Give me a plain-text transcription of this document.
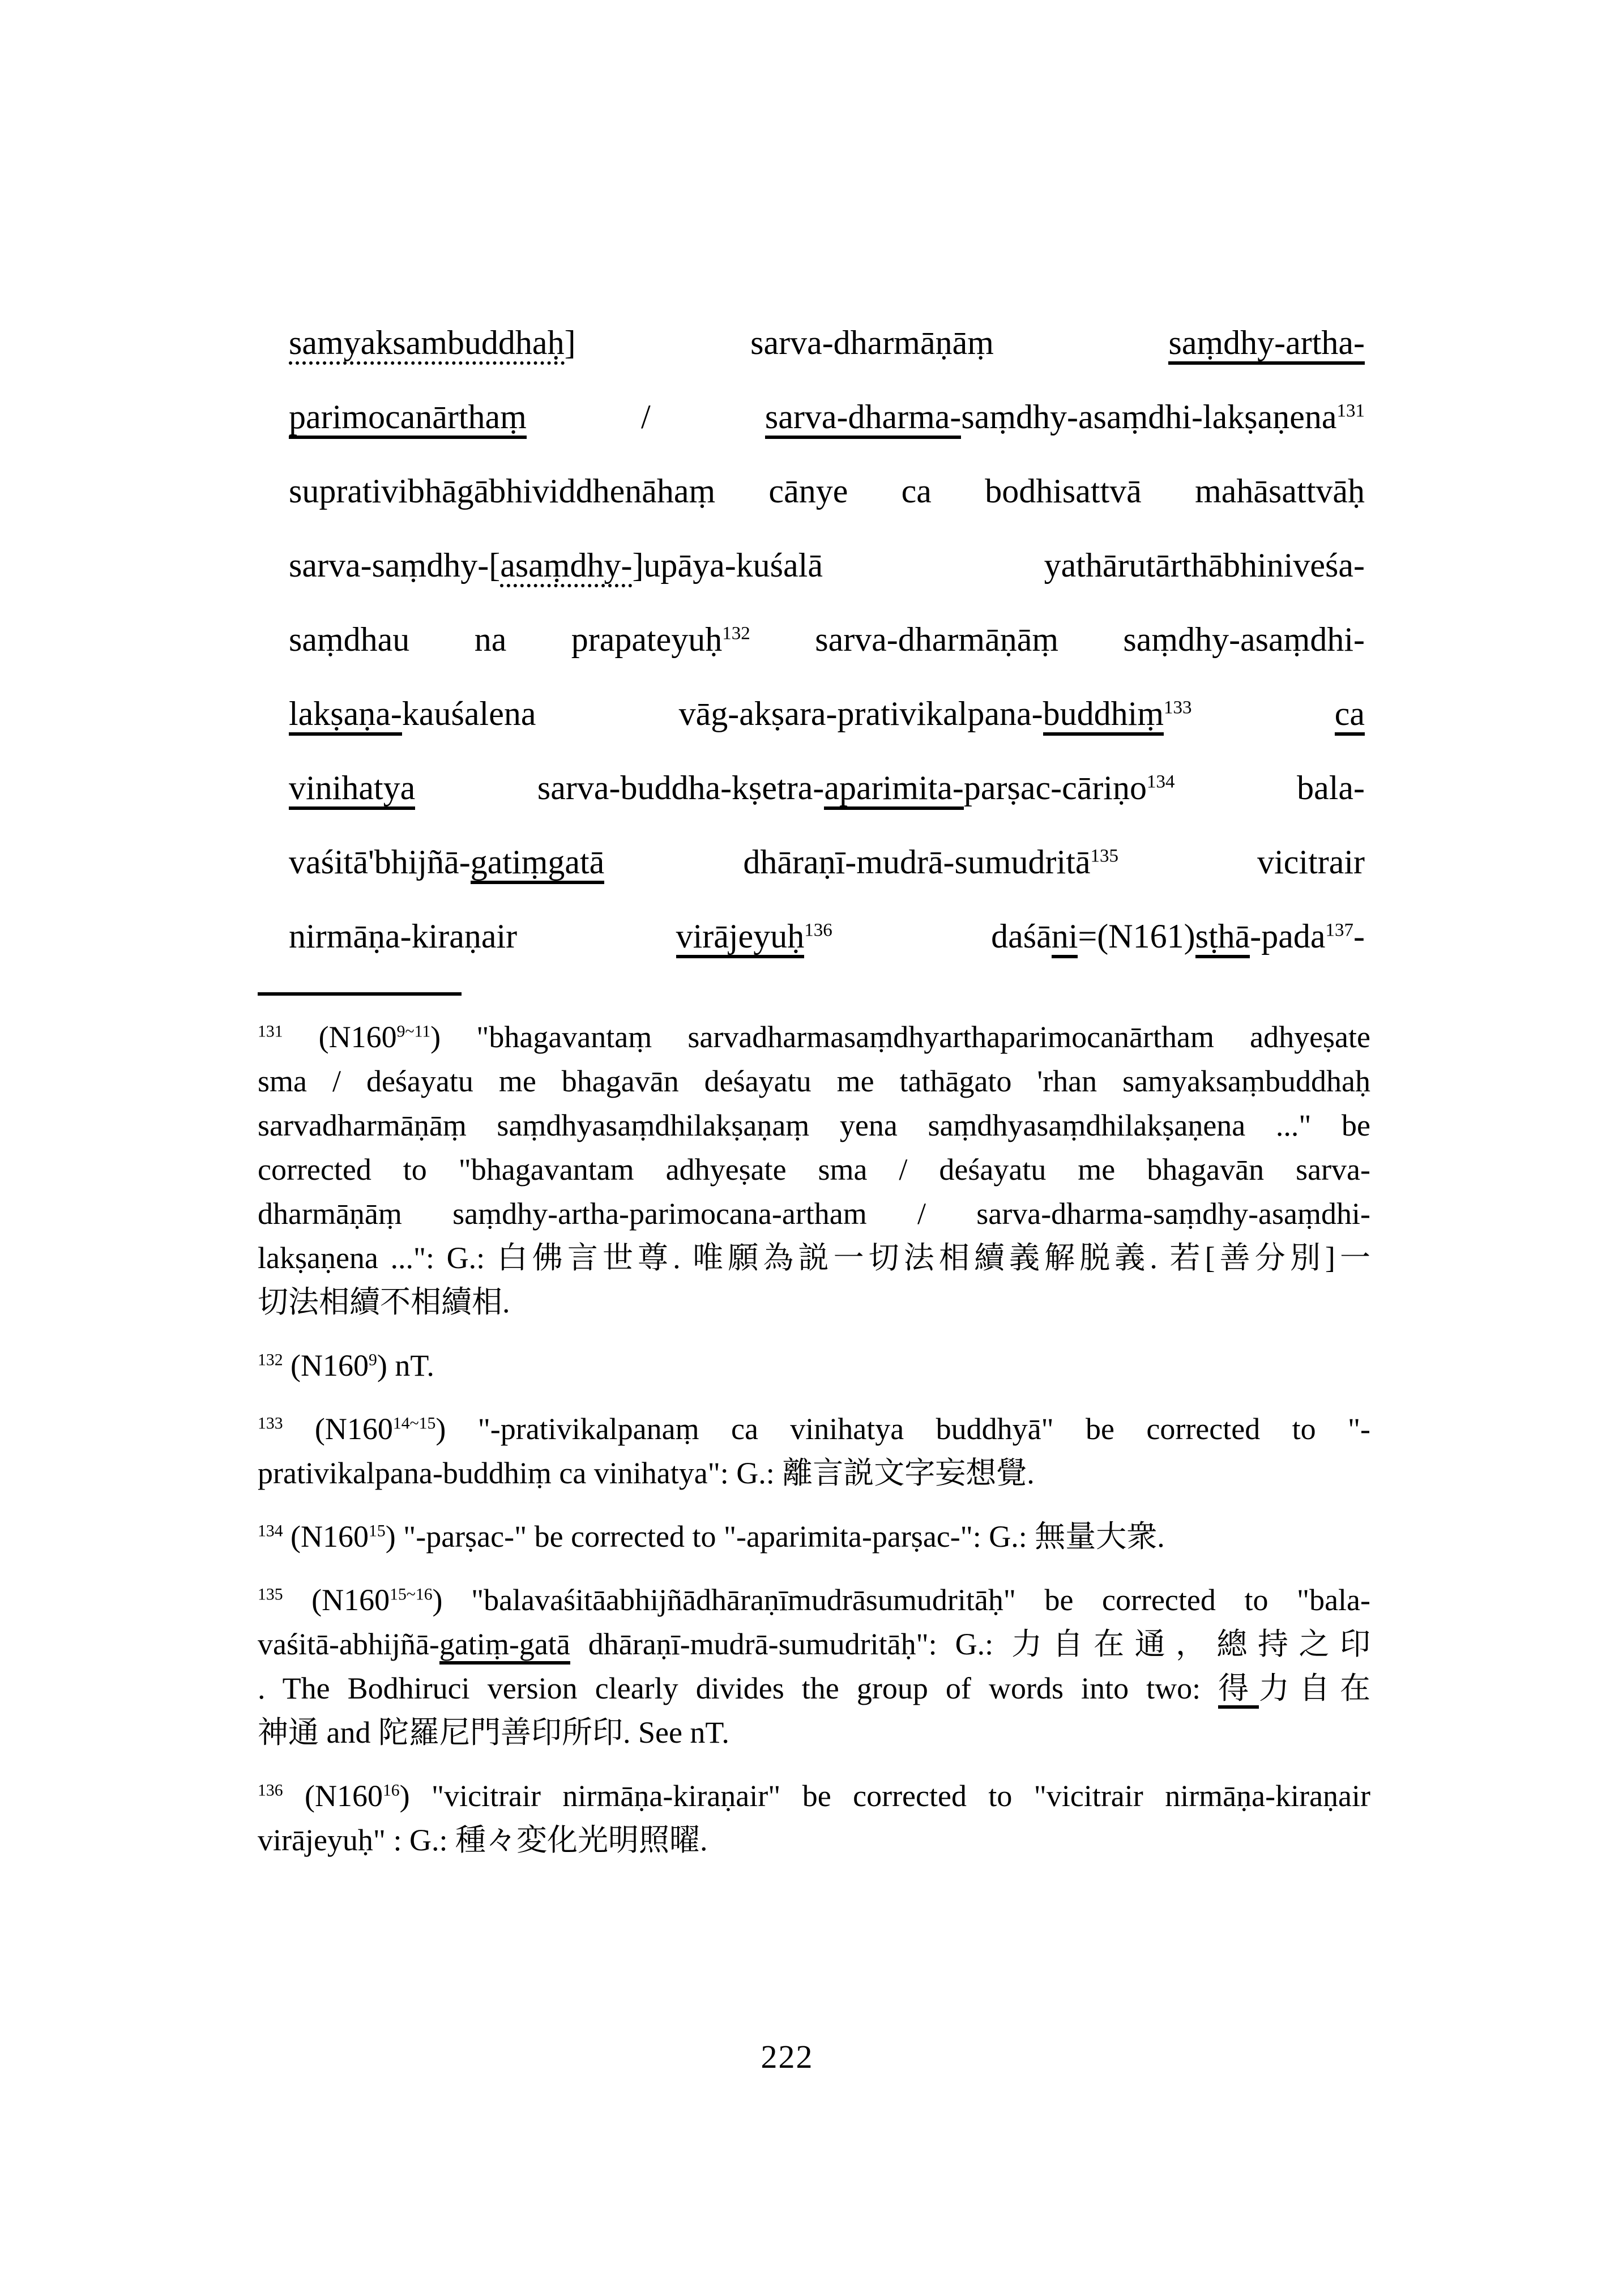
samyaksambuddhaḥ] sarva-dharmāṇāṃ saṃdhy-artha-
parimocanārthaṃ / sarva-dharma-saṃdhy-asaṃdhi-lakṣaṇena$^{131}$
suprativibhāgābhividdhenāhaṃ cānye ca bodhisattvā mahāsattvāḥ
sarva-saṃdhy-[asaṃdhy-]upāya-kuśalā yathārutārthābhiniveśa-
saṃdhau na prapateyuḥ$^{132}$ sarva-dharmāṇāṃ saṃdhy-asaṃdhi-
lakṣaṇa-kauśalena vāg-akṣara-prativikalpana-buddhiṃ$^{133}$	ca
vinihatya sarva-buddha-kṣetra-aparimita-parṣac-cāriṇo$^{134}$ bala-
vaśitā'bhijñā-gatiṃgatā dhāraṇī-mudrā-sumudritā$^{135}$ vicitrair
nirmāṇa-kiraṇair virājeyuḥ$^{136}$ daśāni=(N161)sṭhā-pada$^{137}$-
$^{131}$ $(N160^{9\sim 11})$ "bhagavantaṃ sarvadharmasaṃdhyarthaparimocanārtham adhyeṣate
sma / deśayatu me bhagavān deśayatu me tathāgato 'rhan samyaksaṃbuddhaḥ
sarvadharmāṇāṃ saṃdhyasaṃdhilakṣaṇaṃ yena saṃdhyasaṃdhilakṣaṇena ..." be
corrected to "bhagavantam adhyeṣate sma / deśayatu me bhagavān sarva-
dharmāṇāṃ saṃdhy-artha-parimocana-artham / sarva-dharma-saṃdhy-asaṃdhi-
lakṣaṇena ...": G.: 白佛言世尊. 唯願為説一切法相續義解脱義. 若[善分別]一
切法相續不相續相.
$^{132}$ $(N160^9)$ nT.
$^{133}$ $(N160^{14\sim 15})$ "-prativikalpanaṃ ca vinihatya buddhyā" be corrected to "-
prativikalpana-buddhiṃ ca vinihatya": G.: 離言説文字妄想覺.
$^{134}$ $(N160^{15})$ "-parṣac-" be corrected to "-aparimita-parṣac-": G.: 無量大衆.
$^{135}$ $(N160^{15\sim 16})$ "balavaśitāabhijñādhāraṇīmudrāsumudritāḥ" be corrected to "bala-
vaśitā-abhijñā-gatiṃ-gatā dhāraṇī-mudrā-sumudritāḥ": G.: 力自在通，總持之印
. The Bodhiruci version clearly divides the group of words into two: 得力自在
神通 and 陀羅尼門善印所印. See nT.
$^{136}$ $(N160^{16})$ "vicitrair nirmāṇa-kiraṇair" be corrected to "vicitrair nirmāṇa-kiraṇair
virājeyuḥ" : G.: 種々変化光明照曜.
222
